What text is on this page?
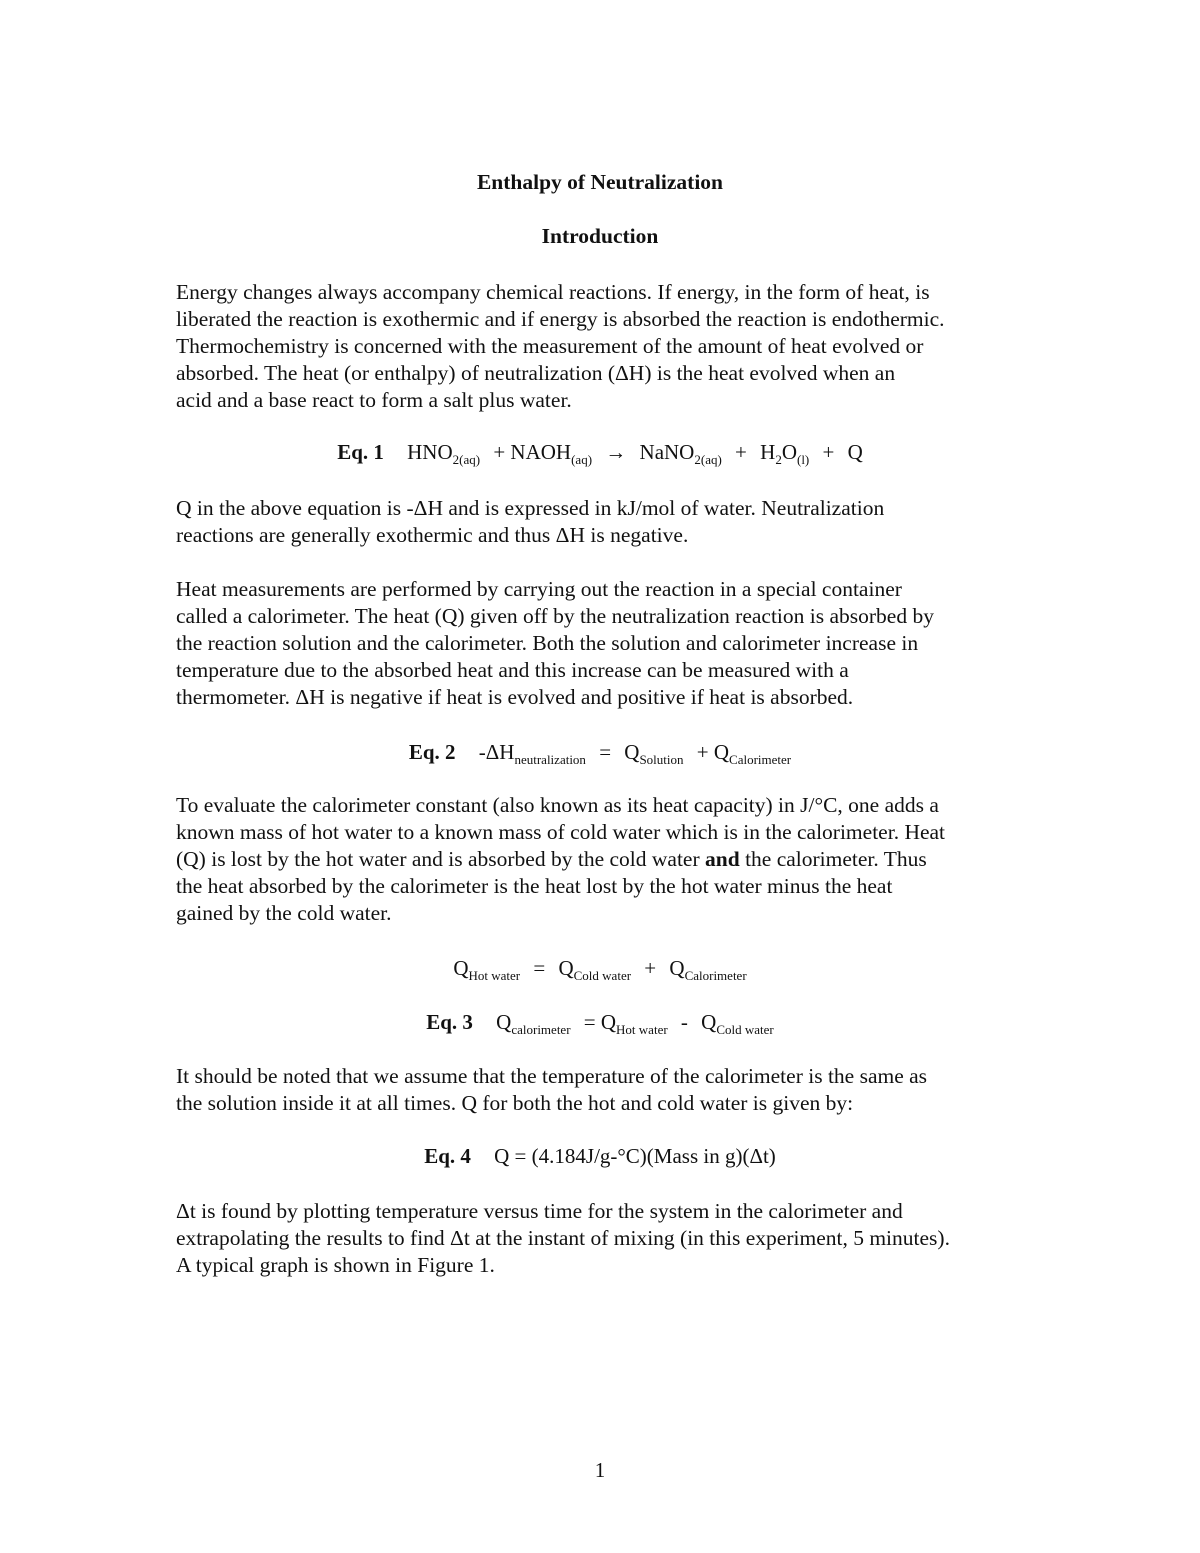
Enthalpy of Neutralization
Introduction
Energy changes always accompany chemical reactions. If energy, in the form of heat, is
liberated the reaction is exothermic and if energy is absorbed the reaction is endothermic.
Thermochemistry is concerned with the measurement of the amount of heat evolved or
absorbed. The heat (or enthalpy) of neutralization (ΔH) is the heat evolved when an
acid and a base react to form a salt plus water.
Eq. 1 $HNO_{2(aq)}$ + $NAOH_{(aq)}$ → NaNO$_{2(aq)}$ + $H_2O_{(l)} + Q$
Q in the above equation is -ΔH and is expressed in kJ/mol of water. Neutralization
reactions are generally exothermic and thus ΔH is negative.
Heat measurements are performed by carrying out the reaction in a special container
called a calorimeter. The heat (Q) given off by the neutralization reaction is absorbed by
the reaction solution and the calorimeter. Both the solution and calorimeter increase in
temperature due to the absorbed heat and this increase can be measured with a
thermometer. ΔH is negative if heat is evolved and positive if heat is absorbed.
Eq. 2 $-\Delta H_{neutralization} = Q_{Solution} + Q_{Calorimeter}$
To evaluate the calorimeter constant (also known as its heat capacity) in J/°C, one adds a
known mass of hot water to a known mass of cold water which is in the calorimeter. Heat
(Q) is lost by the hot water and is absorbed by the cold water and the calorimeter. Thus
the heat absorbed by the calorimeter is the heat lost by the hot water minus the heat
gained by the cold water.
$Q_{Hot water} = Q_{Cold water} + Q_{Calorimeter}$
Eq. 3 $Q_{calorimeter} = Q_{Hot water} - Q_{Cold water}$
It should be noted that we assume that the temperature of the calorimeter is the same as
the solution inside it at all times. Q for both the hot and cold water is given by:
Eq. 4 Q = (4.184J/g-°C)(Mass in g)(Δt)
Δt is found by plotting temperature versus time for the system in the calorimeter and
extrapolating the results to find Δt at the instant of mixing (in this experiment, 5 minutes).
A typical graph is shown in Figure 1.
1
